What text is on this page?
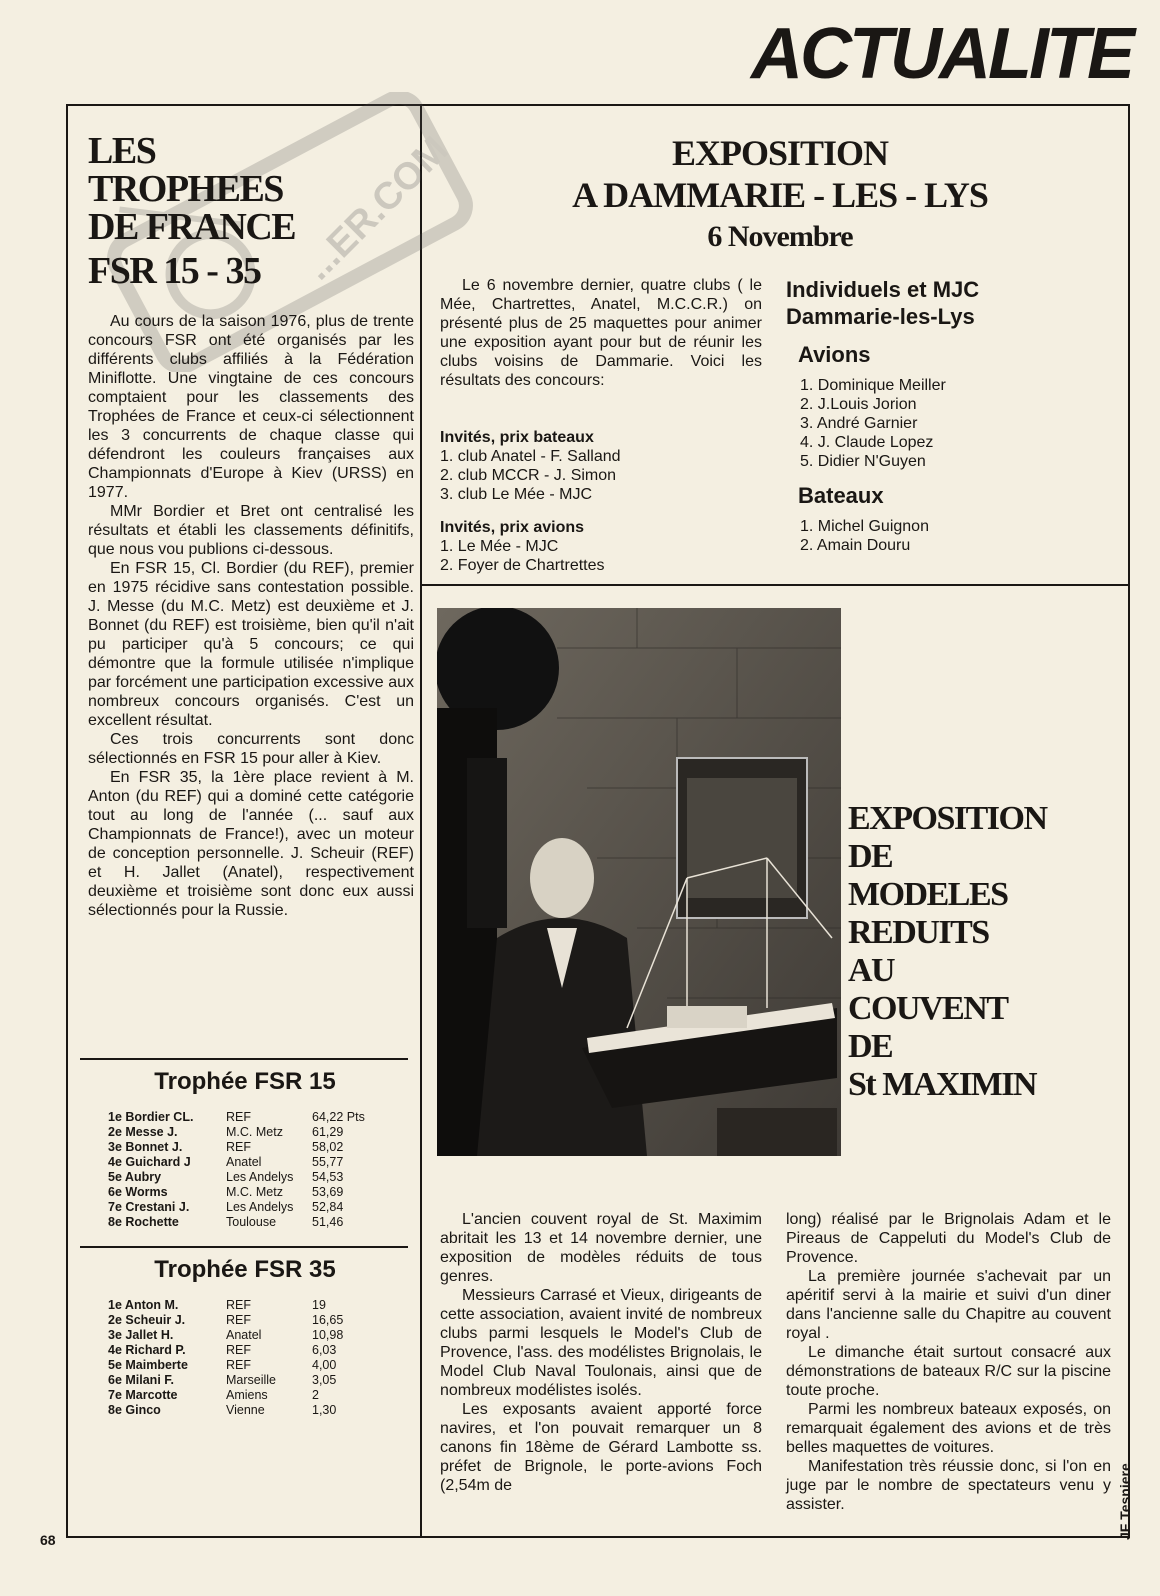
ACTUALITE
...ER.COM
LES
TROPHEES
DE FRANCE
FSR 15 - 35

Au cours de la saison 1976, plus de trente concours FSR ont été organisés par les différents clubs affiliés à la Fédération Miniflotte. Une vingtaine de ces concours comptaient pour les classements des Trophées de France et ceux-ci sélectionnent les 3 concurrents de chaque classe qui défendront les couleurs françaises aux Championnats d'Europe à Kiev (URSS) en 1977.

MMr Bordier et Bret ont centralisé les résultats et établi les classements définitifs, que nous vou publions ci-dessous.

En FSR 15, Cl. Bordier (du REF), premier en 1975 récidive sans contestation possible. J. Messe (du M.C. Metz) est deuxième et J. Bonnet (du REF) est troisième, bien qu'il n'ait pu participer qu'à 5 concours; ce qui démontre que la formule utilisée n'implique par forcément une participation excessive aux nombreux concours organisés. C'est un excellent résultat.

Ces trois concurrents sont donc sélectionnés en FSR 15 pour aller à Kiev.

En FSR 35, la 1ère place revient à M. Anton (du REF) qui a dominé cette catégorie tout au long de l'année (... sauf aux Championnats de France!), avec un moteur de conception personnelle. J. Scheuir (REF) et H. Jallet (Anatel), respectivement deuxième et troisième sont donc eux aussi sélectionnés pour la Russie.

Trophée FSR 15
1e Bordier CL.	REF	64,22 Pts
2e Messe J.	M.C. Metz	61,29
3e Bonnet J.	REF	58,02
4e Guichard J	Anatel	55,77
5e Aubry	Les Andelys	54,53
6e Worms	M.C. Metz	53,69
7e Crestani J.	Les Andelys	52,84
8e Rochette	Toulouse	51,46
Trophée FSR 35
1e Anton M.	REF	19
2e Scheuir J.	REF	16,65
3e Jallet H.	Anatel	10,98
4e Richard P.	REF	6,03
5e Maimberte	REF	4,00
6e Milani F.	Marseille	3,05
7e Marcotte	Amiens	2
8e Ginco	Vienne	1,30
EXPOSITION
A DAMMARIE - LES - LYS
6 Novembre

Le 6 novembre dernier, quatre clubs ( le Mée, Chartrettes, Anatel, M.C.C.R.) on présenté plus de 25 maquettes pour animer une exposition ayant pour but de réunir les clubs voisins de Dammarie. Voici les résultats des concours:

Invités, prix bateaux
1. club Anatel - F. Salland
2. club MCCR - J. Simon
3. club Le Mée - MJC
Invités, prix avions
1. Le Mée - MJC
2. Foyer de Chartrettes
Individuels et MJC
Dammarie-les-Lys
Avions
1. Dominique Meiller
2. J.Louis Jorion
3. André Garnier
4. J. Claude Lopez
5. Didier N'Guyen
Bateaux
1. Michel Guignon
2. Amain Douru
EXPOSITION
DE
MODELES
REDUITS
AU
COUVENT
DE
St MAXIMIN

L'ancien couvent royal de St. Maximim abritait les 13 et 14 novembre dernier, une exposition de modèles réduits de tous genres.

Messieurs Carrasé et Vieux, dirigeants de cette association, avaient invité de nombreux clubs parmi lesquels le Model's Club de Provence, l'ass. des modélistes Brignolais, le Model Club Naval Toulonais, ainsi que de nombreux modélistes isolés.

Les exposants avaient apporté force navires, et l'on pouvait remarquer un 8 canons fin 18ème de Gérard Lambotte ss. préfet de Brignole, le porte-avions Foch (2,54m de

long) réalisé par le Brignolais Adam et le Pireaus de Cappeluti du Model's Club de Provence.

La première journée s'achevait par un apéritif servi à la mairie et suivi d'un diner dans l'ancienne salle du Chapitre au couvent royal .

Le dimanche était surtout consacré aux démonstrations de bateaux R/C sur la piscine toute proche.

Parmi les nombreux bateaux exposés, on remarquait également des avions et de très belles maquettes de voitures.

Manifestation très réussie donc, si l'on en juge par le nombre de spectateurs venu y assister.

68	JF Tesniere
